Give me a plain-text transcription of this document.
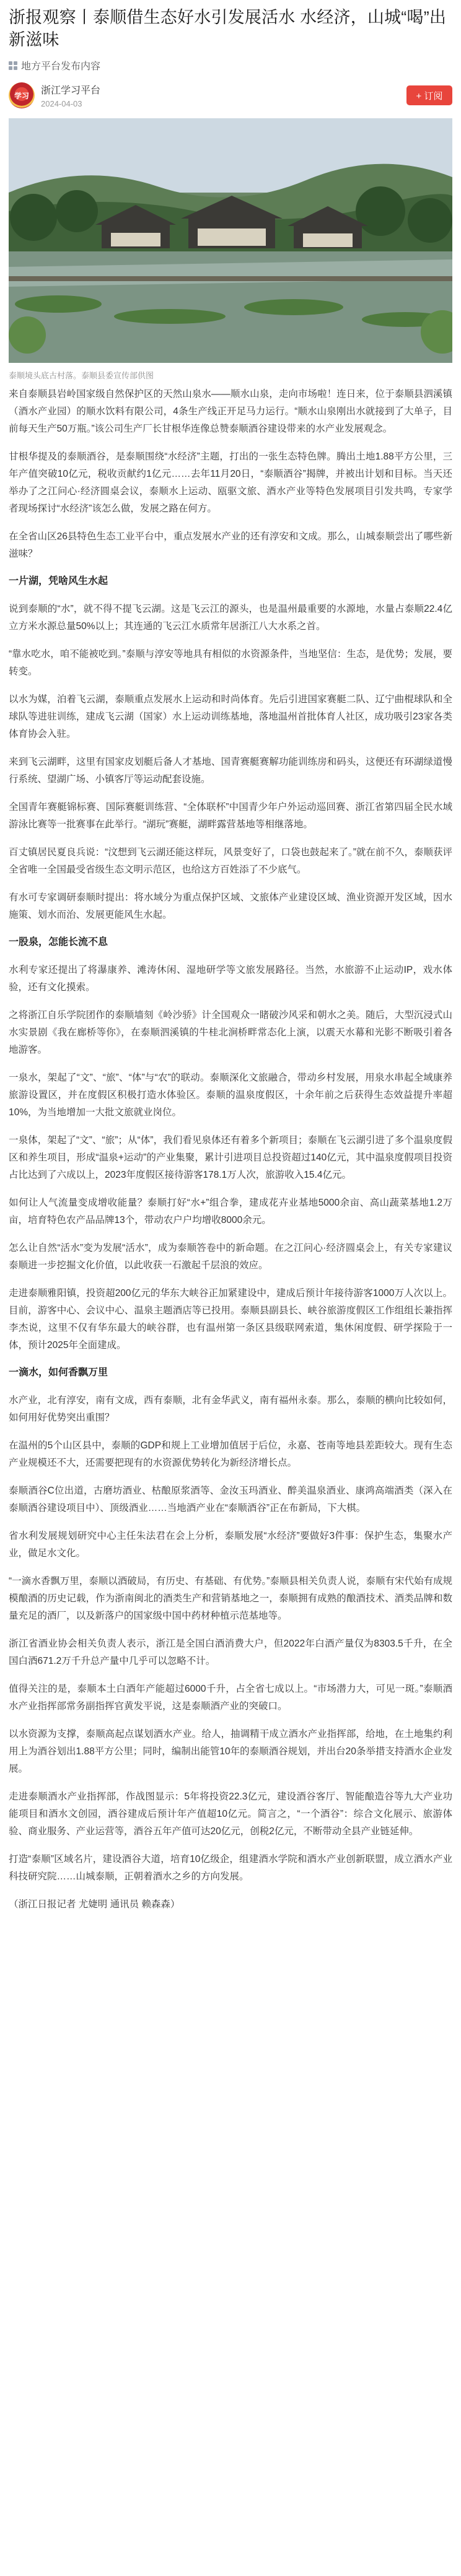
浙报观察丨泰顺借生态好水引发展活水 水经济，山城“喝”出新滋味
地方平台发布内容
学习 浙江学习平台
2024-04-03
+ 订阅
泰顺境头底古村落。泰顺县委宣传部供图
来自泰顺县岩岭国家级自然保护区的天然山泉水——顺水山泉，走向市场啦！连日来，位于泰顺县泗溪镇（酒水产业园）的顺水饮料有限公司，4条生产线正开足马力运行。“顺水山泉刚出水就接到了大单子，目前每天生产50万瓶。”该公司生产厂长甘根华连像总赞泰顺酒谷建设带来的水产业发展观念。
甘根华提及的泰顺酒谷，是泰顺围绕“水经济”主题，打出的一张生态特色牌。腾出土地1.88平方公里，三年产值突破10亿元，税收贡献约1亿元……去年11月20日，“泰顺酒谷”揭牌，并被出计划和目标。当天还举办了之江问心·经济圆桌会议，泰顺水上运动、瓯驱文旅、酒水产业等特色发展项目引发共鸣，专家学者现场探讨“水经济”该怎么做，发展之路在何方。
在全省山区26县特色生态工业平台中，重点发展水产业的还有淳安和文成。那么，山城泰顺尝出了哪些新滋味？
一片湖，凭啥风生水起
说到泰顺的“水”，就不得不提飞云湖。这是飞云江的源头，也是温州最重要的水源地，水量占泰顺22.4亿立方米水源总量50%以上；其连通的飞云江水质常年居浙江八大水系之首。
“靠水吃水，咱不能被吃到。”泰顺与淳安等地具有相似的水资源条件，当地坚信：生态，是优势；发展，要转变。
以水为媒，泊着飞云湖，泰顺重点发展水上运动和时尚体育。先后引进国家赛艇二队、辽宁曲棍球队和全球队等进驻训练，建成飞云湖（国家）水上运动训练基地，落地温州首批体育人社区，成功吸引23家各类体育协会入驻。
来到飞云湖畔，这里有国家皮划艇后备人才基地、国青赛艇赛解功能训练房和码头，这便还有环湖绿道慢行系统、望湖广场、小镇客厅等运动配套设施。
全国青年赛艇锦标赛、国际赛艇训练营、“全体联杯”中国青少年户外运动巡回赛、浙江省第四届全民水域游泳比赛等一批赛事在此举行。“湖玩”赛艇，湖畔露营基地等相继落地。
百丈镇居民夏良兵说：“汶想到飞云湖还能这样玩，风景变好了，口袋也鼓起来了。”就在前不久，泰顺获评全省唯一全国最受省级生态文明示范区，也给这方百姓添了不少底气。
有水可专家调研泰顺时提出：将水域分为重点保护区域、文旅体产业建设区域、渔业资源开发区域，因水施策、划水而治、发展更能风生水起。
一股泉，怎能长流不息
水利专家还提出了将瀑康养、滩涛休闲、湿地研学等文旅发展路径。当然，水旅游不止运动IP，戏水体验，还有文化摸索。
之将浙江自乐学院团作的泰顺墙刻《岭沙骄》计全国观众一睹破沙风采和朝水之美。随后，大型沉浸式山水实景剧《我在廊桥等你》，在泰顺泗溪镇的牛桂北涧桥畔常态化上演，以震天水幕和光影不断吸引着各地游客。
一泉水，架起了“文”、“旅”、“体”与“农”的联动。泰顺深化文旅融合，带动乡村发展，用泉水串起全域康养旅游设置区，并在度假区积极打造水体验区。泰顺的温泉度假区，十余年前之后获得生态效益提升率超10%，为当地增加一大批文旅就业岗位。
一泉体，架起了“文”、“旅”；从“体”，我们看见泉体还有着多个新项目；泰顺在飞云湖引进了多个温泉度假区和养生项目，形成“温泉+运动”的产业集聚，累计引进项目总投资超过140亿元，其中温泉度假项目投资占比达到了六成以上，2023年度假区接待游客178.1万人次，旅游收入15.4亿元。
如何让人气流量变成增收能量？泰顺打好“水+”组合拳，建成花卉业基地5000余亩、高山蔬菜基地1.2万亩，培育特色农产品品牌13个，带动农户户均增收8000余元。
怎么让自然“活水”变为发展“活水”，成为泰顺答卷中的新命题。在之江问心·经济圆桌会上，有关专家建议泰顺进一步挖掘文化价值，以此收获一石激起千层浪的效应。
走进泰顺雅阳镇，投资超200亿元的华东大峡谷正加紧建设中，建成后预计年接待游客1000万人次以上。目前，游客中心、会议中心、温泉主题酒店等已投用。泰顺县副县长、峡谷旅游度假区工作组组长兼指挥李杰说，这里不仅有华东最大的峡谷群，也有温州第一条区县级联网索道，集休闲度假、研学探险于一体，预计2025年全面建成。
一滴水，如何香飘万里
水产业，北有淳安，南有文成，西有泰顺，北有金华武义，南有福州永泰。那么，泰顺的横向比较如何，如何用好优势突出重围？
在温州的5个山区县中，泰顺的GDP和规上工业增加值居于后位，永嘉、苍南等地县差距较大。现有生态产业规模还不大，还需要把现有的水资源优势转化为新经济增长点。
泰顺酒谷C位出道，古磨坊酒业、枯酿原浆酒等、金汝玉玛酒业、醉美温泉酒业、康鸿高端酒类（深入在泰顺酒谷建设项目中）、顶级酒业……当地酒产业在“泰顺酒谷”正在布新局，下大棋。
省水利发展规划研究中心主任朱法君在会上分析，泰顺发展“水经济”要做好3件事：保护生态，集聚水产业，做足水文化。
“一滴水香飘万里，泰顺以酒破局，有历史、有基础、有优势。”泰顺县相关负责人说，泰顺有宋代始有成规模酿酒的历史记载，作为浙南闽北的酒类生产和营销基地之一，泰顺拥有成熟的酿酒技术、酒类品牌和数量充足的酒厂，以及新落户的国家级中国中药材种植示范基地等。
浙江省酒业协会相关负责人表示，浙江是全国白酒消费大户，但2022年白酒产量仅为8303.5千升，在全国白酒671.2万千升总产量中几乎可以忽略不计。
值得关注的是，泰顺本土白酒年产能超过6000千升，占全省七成以上。“市场潜力大，可见一斑。”泰顺酒水产业指挥部常务副指挥官黄发平说，这是泰顺酒产业的突破口。
以水资源为支撑，泰顺高起点谋划酒水产业。给人，抽调精干成立酒水产业指挥部，给地，在土地集约利用上为酒谷划出1.88平方公里；同时，编制出能管10年的泰顺酒谷规划，并出台20条举措支持酒水企业发展。
走进泰顺酒水产业指挥部，作战图显示：5年将投资22.3亿元，建设酒谷客厅、智能酿造谷等九大产业功能项目和酒水文创园，酒谷建成后预计年产值超10亿元。简言之，“一个酒谷”：综合文化展示、旅游体验、商业服务、产业运营等，酒谷五年产值可达20亿元，创税2亿元，不断带动全县产业链延伸。
打造“泰顺”区域名片，建设酒谷大道，培育10亿级企，组建酒水学院和酒水产业创新联盟，成立酒水产业科技研究院……山城泰顺，正朝着酒水之乡的方向发展。
（浙江日报记者 尤婕明 通讯员 赖森森）
